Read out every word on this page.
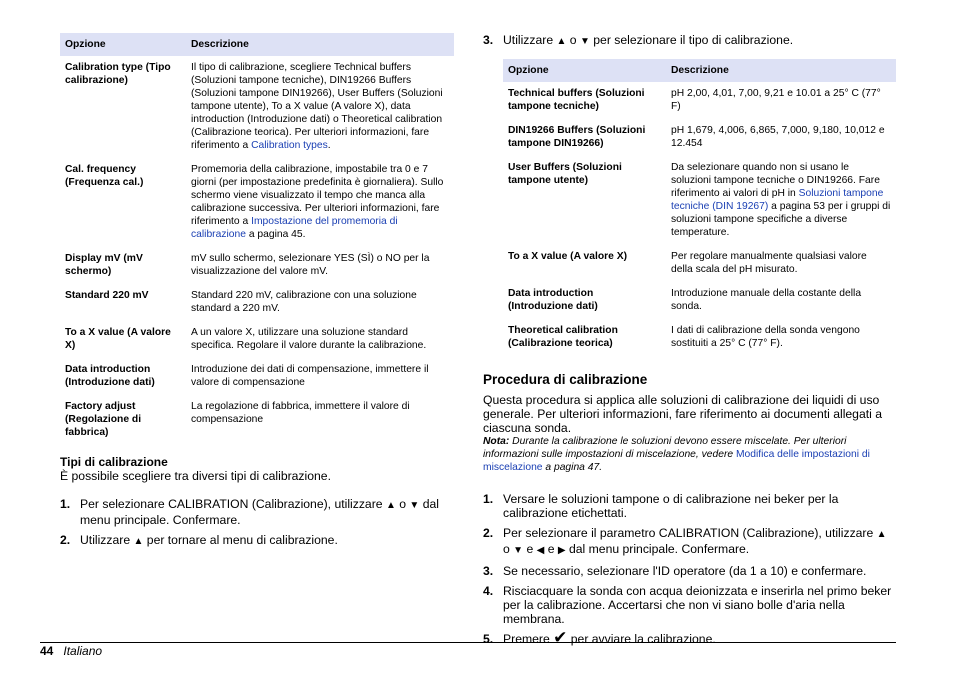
Opzione	Descrizione
Calibration type (Tipo calibrazione)	Il tipo di calibrazione, scegliere Technical buffers (Soluzioni tampone tecniche), DIN19266 Buffers (Soluzioni tampone DIN19266), User Buffers (Soluzioni tampone utente), To a X value (A valore X), data introduction (Introduzione dati) o Theoretical calibration (Calibrazione teorica). Per ulteriori informazioni, fare riferimento a Calibration types.
Cal. frequency (Frequenza cal.)	Promemoria della calibrazione, impostabile tra 0 e 7 giorni (per impostazione predefinita è giornaliera). Sullo schermo viene visualizzato il tempo che manca alla calibrazione successiva. Per ulteriori informazioni, fare riferimento a Impostazione del promemoria di calibrazione a pagina 45.
Display mV (mV schermo)	mV sullo schermo, selezionare YES (SÌ) o NO per la visualizzazione del valore mV.
Standard 220 mV	Standard 220 mV, calibrazione con una soluzione standard a 220 mV.
To a X value (A valore X)	A un valore X, utilizzare una soluzione standard specifica. Regolare il valore durante la calibrazione.
Data introduction (Introduzione dati)	Introduzione dei dati di compensazione, immettere il valore di compensazione
Factory adjust (Regolazione di fabbrica)	La regolazione di fabbrica, immettere il valore di compensazione
Tipi di calibrazione
È possibile scegliere tra diversi tipi di calibrazione.
1. Per selezionare CALIBRATION (Calibrazione), utilizzare ▲ o ▼ dal menu principale. Confermare.
2. Utilizzare ▲ per tornare al menu di calibrazione.
3. Utilizzare ▲ o ▼ per selezionare il tipo di calibrazione.
Opzione	Descrizione
Technical buffers (Soluzioni tampone tecniche)	pH 2,00, 4,01, 7,00, 9,21 e 10.01 a 25° C (77° F)
DIN19266 Buffers (Soluzioni tampone DIN19266)	pH 1,679, 4,006, 6,865, 7,000, 9,180, 10,012 e 12.454
User Buffers (Soluzioni tampone utente)	Da selezionare quando non si usano le soluzioni tampone tecniche o DIN19266. Fare riferimento ai valori di pH in Soluzioni tampone tecniche (DIN 19267) a pagina 53 per i gruppi di soluzioni tampone specifiche a diverse temperature.
To a X value (A valore X)	Per regolare manualmente qualsiasi valore della scala del pH misurato.
Data introduction (Introduzione dati)	Introduzione manuale della costante della sonda.
Theoretical calibration (Calibrazione teorica)	I dati di calibrazione della sonda vengono sostituiti a 25° C (77° F).
Procedura di calibrazione
Questa procedura si applica alle soluzioni di calibrazione dei liquidi di uso generale. Per ulteriori informazioni, fare riferimento ai documenti allegati a ciascuna sonda.
Nota: Durante la calibrazione le soluzioni devono essere miscelate. Per ulteriori informazioni sulle impostazioni di miscelazione, vedere Modifica delle impostazioni di miscelazione a pagina 47.
1. Versare le soluzioni tampone o di calibrazione nei beker per la calibrazione etichettati.
2. Per selezionare il parametro CALIBRATION (Calibrazione), utilizzare ▲ o ▼ e ◀ e ▶ dal menu principale. Confermare.
3. Se necessario, selezionare l'ID operatore (da 1 a 10) e confermare.
4. Risciacquare la sonda con acqua deionizzata e inserirla nel primo beker per la calibrazione. Accertarsi che non vi siano bolle d'aria nella membrana.
5. Premere ✔ per avviare la calibrazione.
44 Italiano
